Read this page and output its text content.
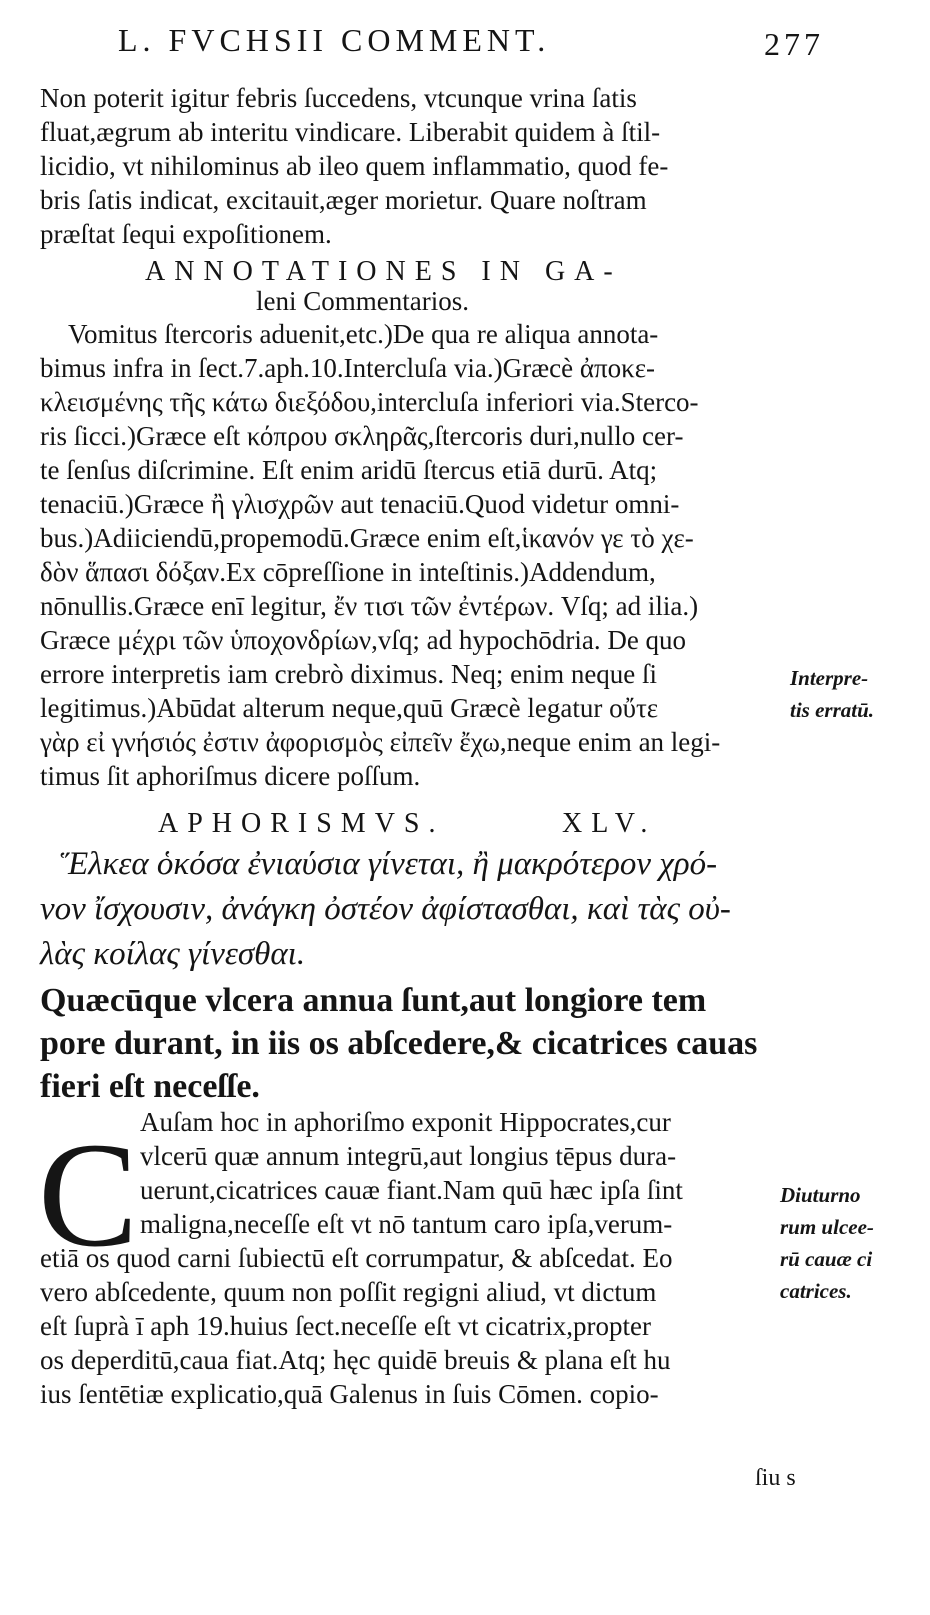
L. FVCHSII COMMENT.	277
Non poterit igitur febris ſuccedens, vtcunque vrina ſatis
fluat,ægrum ab interitu vindicare. Liberabit quidem à ſtil-
licidio, vt nihilominus ab ileo quem inflammatio, quod fe-
bris ſatis indicat, excitauit,æger morietur. Quare noſtram
præſtat ſequi expoſitionem.
ANNOTATIONES IN GA-
leni Commentarios.
Vomitus ſtercoris aduenit,etc.)De qua re aliqua annota-
bimus infra in ſect.7.aph.10.Intercluſa via.)Græcè ἀποκε-
κλεισμένης τῆς κάτω διεξόδου,intercluſa inferiori via.Sterco-
ris ſicci.)Græce eſt κόπρου σκληρᾶς,ſtercoris duri,nullo cer-
te ſenſus diſcrimine. Eſt enim aridū ſtercus etiā durū. Atq;
tenaciū.)Græce ἢ γλισχρῶν aut tenaciū.Quod videtur omni-
bus.)Adiiciendū,propemodū.Græce enim eſt,ἱκανόν γε τὸ χε-
δὸν ἅπασι δόξαν.Ex cōpreſſione in inteſtinis.)Addendum,
nōnullis.Græce enī legitur, ἔν τισι τῶν ἐντέρων. Vſq; ad ilia.)
Græce μέχρι τῶν ὑποχονδρίων,vſq; ad hypochōdria. De quo
errore interpretis iam crebrò diximus. Neq; enim neque ſi
legitimus.)Abūdat alterum neque,quū Græcè legatur οὔτε
γὰρ εἰ γνήσιός ἐστιν ἀφορισμὸς εἰπεῖν ἔχω,neque enim an legi-
timus ſit aphoriſmus dicere poſſum.
Interpre-
tis erratū.
APHORISMVS.	XLV.
Ἕλκεα ὁκόσα ἐνιαύσια γίνεται, ἢ μακρότερον χρό-
νον ἴσχουσιν, ἀνάγκη ὀστέον ἀφίστασθαι, καὶ τὰς οὐ-
λὰς κοίλας γίνεσθαι.
Quæcūque vlcera annua ſunt,aut longiore tem
pore durant, in iis os abſcedere,& cicatrices cauas
fieri eſt neceſſe.
C Auſam hoc in aphoriſmo exponit Hippocrates,cur
vlcerū quæ annum integrū,aut longius tēpus dura-
uerunt,cicatrices cauæ fiant.Nam quū hæc ipſa ſint
maligna,neceſſe eſt vt nō tantum caro ipſa,verum-
etiā os quod carni ſubiectū eſt corrumpatur, & abſcedat. Eo
vero abſcedente, quum non poſſit regigni aliud, vt dictum
eſt ſuprà ī aph 19.huius ſect.neceſſe eſt vt cicatrix,propter
os deperditū,caua fiat.Atq; hęc quidē breuis & plana eſt hu
ius ſentētiæ explicatio,quā Galenus in ſuis Cōmen. copio-
Diuturno
rum ulcee-
rū cauæ ci
catrices.
ſiu s
